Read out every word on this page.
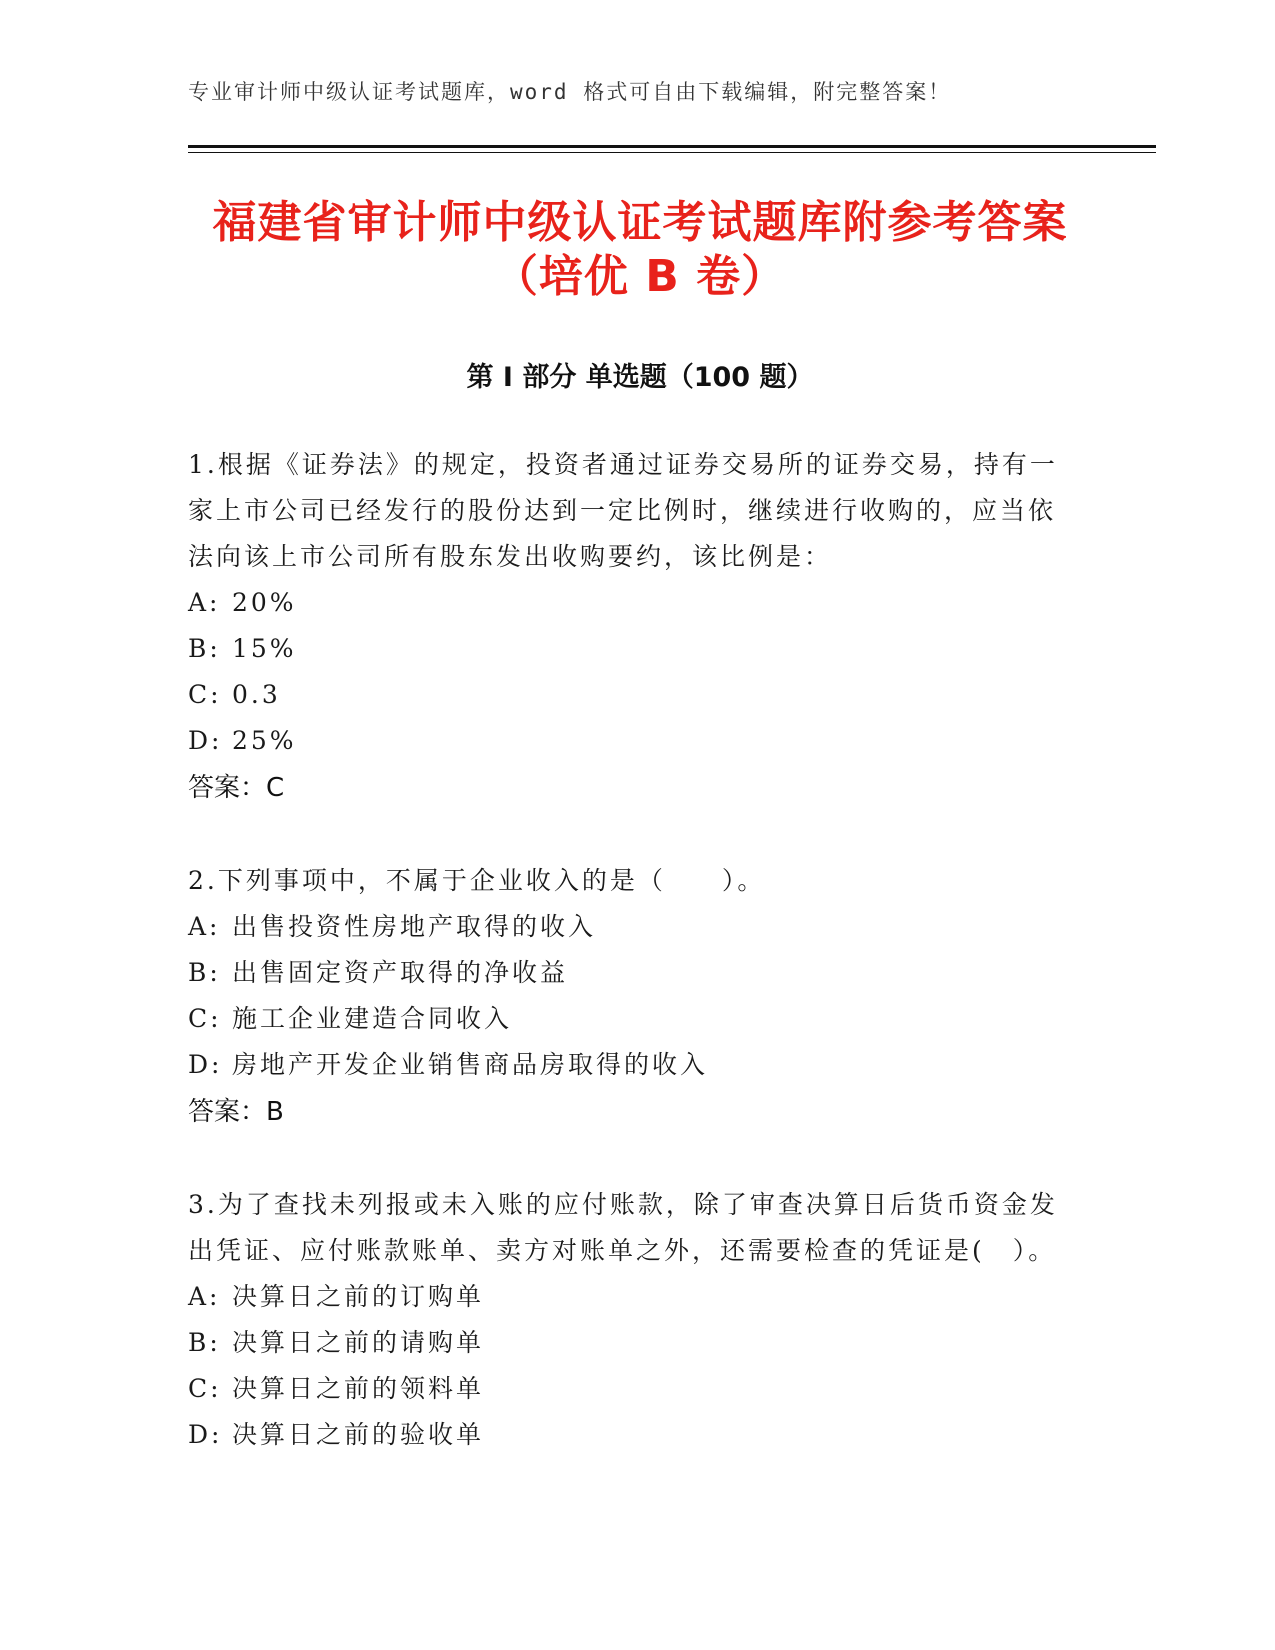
专业审计师中级认证考试题库，word 格式可自由下载编辑，附完整答案！
福建省审计师中级认证考试题库附参考答案
（培优 B 卷）
第 I 部分 单选题（100 题）

1.根据《证券法》的规定，投资者通过证券交易所的证券交易，持有一家上市公司已经发行的股份达到一定比例时，继续进行收购的，应当依法向该上市公司所有股东发出收购要约，该比例是：

A: 20%

B: 15%

C: 0.3

D: 25%

答案：C

2.下列事项中，不属于企业收入的是（　　）。

A: 出售投资性房地产取得的收入

B: 出售固定资产取得的净收益

C: 施工企业建造合同收入

D: 房地产开发企业销售商品房取得的收入

答案：B

3.为了查找未列报或未入账的应付账款，除了审查决算日后货币资金发出凭证、应付账款账单、卖方对账单之外，还需要检查的凭证是(　）。

A: 决算日之前的订购单

B: 决算日之前的请购单

C: 决算日之前的领料单

D: 决算日之前的验收单
